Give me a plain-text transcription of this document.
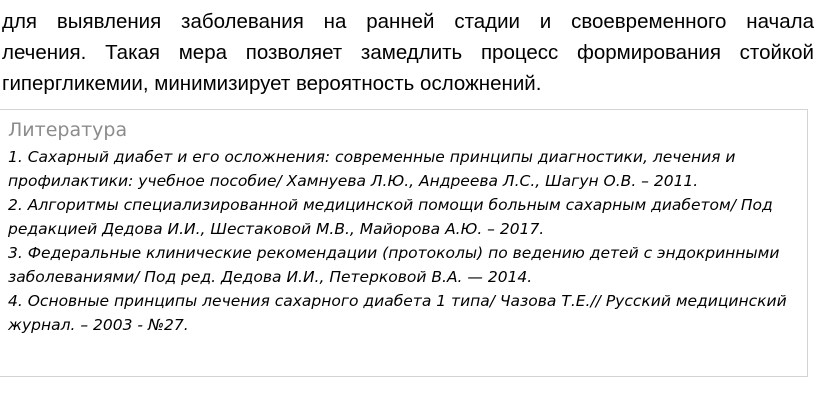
для выявления заболевания на ранней стадии и своевременного начала
лечения. Такая мера позволяет замедлить процесс формирования стойкой
гипергликемии, минимизирует вероятность осложнений.

Литература
1. Сахарный диабет и его осложнения: современные принципы диагностики, лечения и
профилактики: учебное пособие/ Хамнуева Л.Ю., Андреева Л.С., Шагун О.В. – 2011.
2. Алгоритмы специализированной медицинской помощи больным сахарным диабетом/ Под
редакцией Дедова И.И., Шестаковой М.В., Майорова А.Ю. – 2017.
3. Федеральные клинические рекомендации (протоколы) по ведению детей с эндокринными
заболеваниями/ Под ред. Дедова И.И., Петерковой В.А. — 2014.
4. Основные принципы лечения сахарного диабета 1 типа/ Чазова Т.Е.// Русский медицинский
журнал. – 2003 - №27.
